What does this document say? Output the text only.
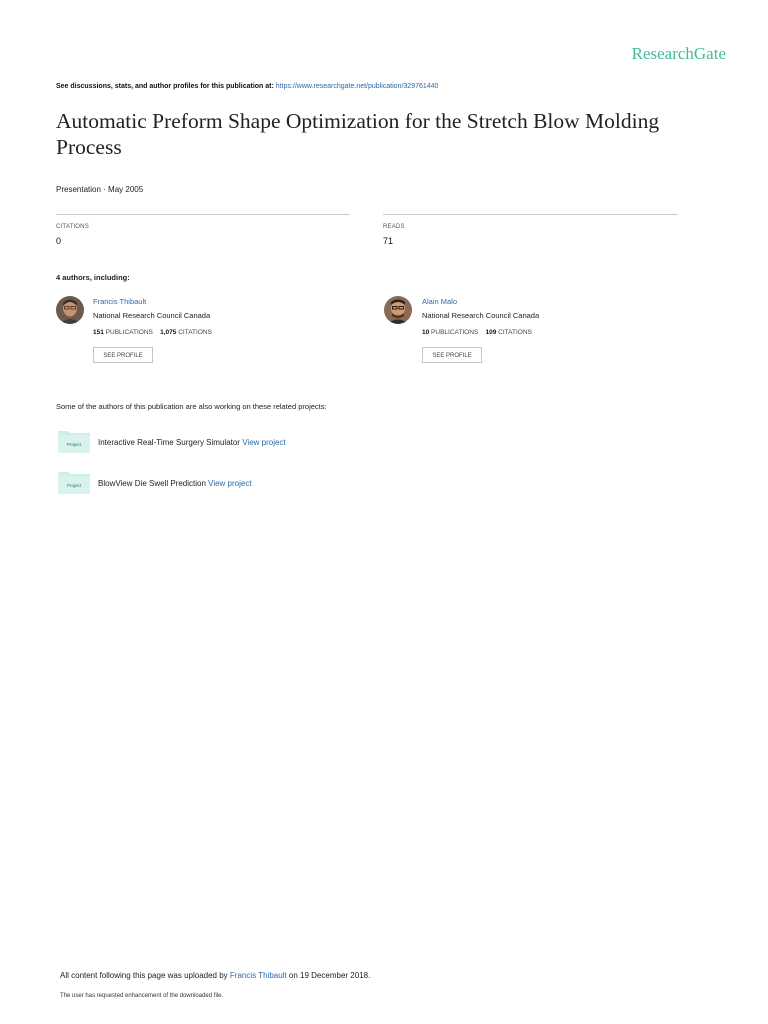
ResearchGate
See discussions, stats, and author profiles for this publication at: https://www.researchgate.net/publication/329761440
Automatic Preform Shape Optimization for the Stretch Blow Molding Process
Presentation · May 2005
CITATIONS
0
READS
71
4 authors, including:
Francis Thibault
National Research Council Canada
151 PUBLICATIONS 1,075 CITATIONS
SEE PROFILE
Alain Malo
National Research Council Canada
10 PUBLICATIONS 109 CITATIONS
SEE PROFILE
Some of the authors of this publication are also working on these related projects:
Project Interactive Real-Time Surgery Simulator View project
Project BlowView Die Swell Prediction View project
All content following this page was uploaded by Francis Thibault on 19 December 2018.
The user has requested enhancement of the downloaded file.
